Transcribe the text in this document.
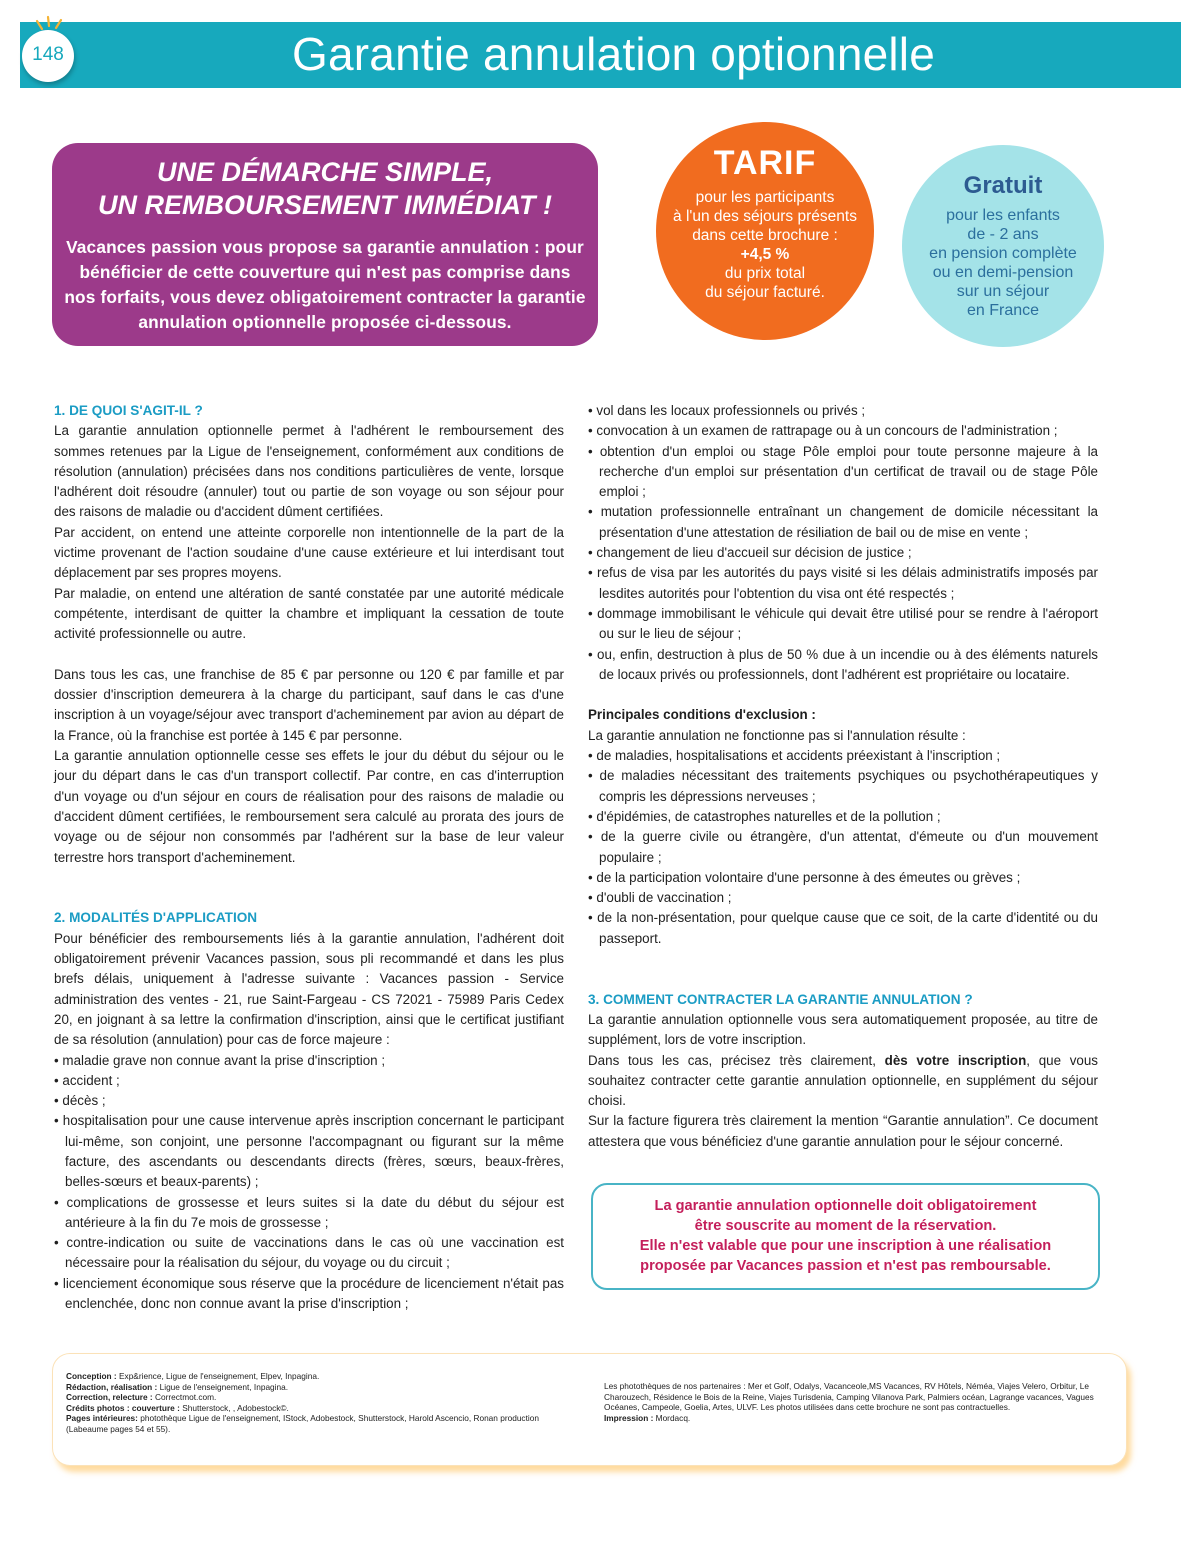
Garantie annulation optionnelle
148
UNE DÉMARCHE SIMPLE,
UN REMBOURSEMENT IMMÉDIAT !
Vacances passion vous propose sa garantie annulation : pour bénéficier de cette couverture qui n'est pas comprise dans nos forfaits, vous devez obligatoirement contracter la garantie annulation optionnelle proposée ci-dessous.
TARIF
pour les participants
à l'un des séjours présents
dans cette brochure :
+4,5 %
du prix total
du séjour facturé.
Gratuit
pour les enfants
de - 2 ans
en pension complète
ou en demi-pension
sur un séjour
en France

1. DE QUOI S'AGIT-IL ?

La garantie annulation optionnelle permet à l'adhérent le remboursement des sommes retenues par la Ligue de l'enseignement, conformément aux conditions de résolution (annulation) précisées dans nos conditions particulières de vente, lorsque l'adhérent doit résoudre (annuler) tout ou partie de son voyage ou son séjour pour des raisons de maladie ou d'accident dûment certifiées.

Par accident, on entend une atteinte corporelle non intentionnelle de la part de la victime provenant de l'action soudaine d'une cause extérieure et lui interdisant tout déplacement par ses propres moyens.

Par maladie, on entend une altération de santé constatée par une autorité médicale compétente, interdisant de quitter la chambre et impliquant la cessation de toute activité professionnelle ou autre.

Dans tous les cas, une franchise de 85 € par personne ou 120 € par famille et par dossier d'inscription demeurera à la charge du participant, sauf dans le cas d'une inscription à un voyage/séjour avec transport d'acheminement par avion au départ de la France, où la franchise est portée à 145 € par personne.

La garantie annulation optionnelle cesse ses effets le jour du début du séjour ou le jour du départ dans le cas d'un transport collectif. Par contre, en cas d'interruption d'un voyage ou d'un séjour en cours de réalisation pour des raisons de maladie ou d'accident dûment certifiées, le remboursement sera calculé au prorata des jours de voyage ou de séjour non consommés par l'adhérent sur la base de leur valeur terrestre hors transport d'acheminement.

2. MODALITÉS D'APPLICATION

Pour bénéficier des remboursements liés à la garantie annulation, l'adhérent doit obligatoirement prévenir Vacances passion, sous pli recommandé et dans les plus brefs délais, uniquement à l'adresse suivante : Vacances passion - Service administration des ventes - 21, rue Saint-Fargeau - CS 72021 - 75989 Paris Cedex 20, en joignant à sa lettre la confirmation d'inscription, ainsi que le certificat justifiant de sa résolution (annulation) pour cas de force majeure :

• maladie grave non connue avant la prise d'inscription ;

• accident ;

• décès ;

• hospitalisation pour une cause intervenue après inscription concernant le participant lui-même, son conjoint, une personne l'accompagnant ou figurant sur la même facture, des ascendants ou descendants directs (frères, sœurs, beaux-frères, belles-sœurs et beaux-parents) ;

• complications de grossesse et leurs suites si la date du début du séjour est antérieure à la fin du 7e mois de grossesse ;

• contre-indication ou suite de vaccinations dans le cas où une vaccination est nécessaire pour la réalisation du séjour, du voyage ou du circuit ;

• licenciement économique sous réserve que la procédure de licenciement n'était pas enclenchée, donc non connue avant la prise d'inscription ;

• vol dans les locaux professionnels ou privés ;

• convocation à un examen de rattrapage ou à un concours de l'administration ;

• obtention d'un emploi ou stage Pôle emploi pour toute personne majeure à la recherche d'un emploi sur présentation d'un certificat de travail ou de stage Pôle emploi ;

• mutation professionnelle entraînant un changement de domicile nécessitant la présentation d'une attestation de résiliation de bail ou de mise en vente ;

• changement de lieu d'accueil sur décision de justice ;

• refus de visa par les autorités du pays visité si les délais administratifs imposés par lesdites autorités pour l'obtention du visa ont été respectés ;

• dommage immobilisant le véhicule qui devait être utilisé pour se rendre à l'aéroport ou sur le lieu de séjour ;

• ou, enfin, destruction à plus de 50 % due à un incendie ou à des éléments naturels de locaux privés ou professionnels, dont l'adhérent est propriétaire ou locataire.

Principales conditions d'exclusion :

La garantie annulation ne fonctionne pas si l'annulation résulte :

• de maladies, hospitalisations et accidents préexistant à l'inscription ;

• de maladies nécessitant des traitements psychiques ou psychothérapeutiques y compris les dépressions nerveuses ;

• d'épidémies, de catastrophes naturelles et de la pollution ;

• de la guerre civile ou étrangère, d'un attentat, d'émeute ou d'un mouvement populaire ;

• de la participation volontaire d'une personne à des émeutes ou grèves ;

• d'oubli de vaccination ;

• de la non-présentation, pour quelque cause que ce soit, de la carte d'identité ou du passeport.

3. COMMENT CONTRACTER LA GARANTIE ANNULATION ?

La garantie annulation optionnelle vous sera automatiquement proposée, au titre de supplément, lors de votre inscription.

Dans tous les cas, précisez très clairement, dès votre inscription, que vous souhaitez contracter cette garantie annulation optionnelle, en supplément du séjour choisi.

Sur la facture figurera très clairement la mention “Garantie annulation”. Ce document attestera que vous bénéficiez d'une garantie annulation pour le séjour concerné.

La garantie annulation optionnelle doit obligatoirement
être souscrite au moment de la réservation.
Elle n'est valable que pour une inscription à une réalisation
proposée par Vacances passion et n'est pas remboursable.
Conception : Exp&rience, Ligue de l'enseignement, Elpev, Inpagina.
Rédaction, réalisation : Ligue de l'enseignement, Inpagina.
Correction, relecture : Correctmot.com.
Crédits photos : couverture : Shutterstock, , Adobestock©.
Pages intérieures: photothèque Ligue de l'enseignement, IStock, Adobestock, Shutterstock, Harold Ascencio, Ronan production (Labeaume pages 54 et 55).
Les photothèques de nos partenaires : Mer et Golf, Odalys, Vacanceole,MS Vacances, RV Hôtels, Néméa, Viajes Velero, Orbitur, Le Charouzech, Résidence le Bois de la Reine, Viajes Turisdenia, Camping Vilanova Park, Palmiers océan, Lagrange vacances, Vagues Océanes, Campeole, Goelia, Artes, ULVF. Les photos utilisées dans cette brochure ne sont pas contractuelles.
Impression : Mordacq.
